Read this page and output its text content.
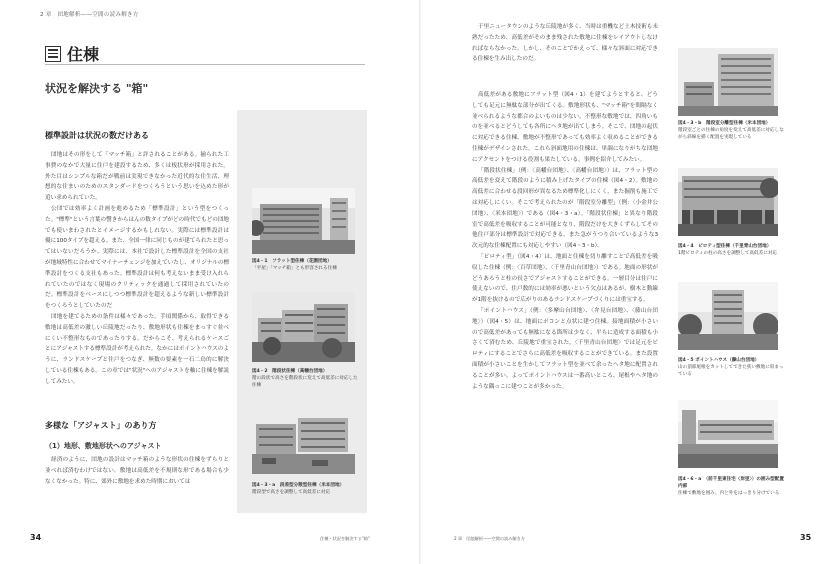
2 章　団地解析――空間の読み解き方
住棟
状況を解決する "箱"
標準設計は状況の数だけある

団地はその形をして「マッチ箱」と評されることがある。揃られた工事費のなかで大量に住戸を建設するため、多くは板状形が採用された。外た目はシンプルな箱だが戦前は実現できなかった近代的な住生活、理想的な住まいのためのスタンダードをつくろうという思いを込めた形が追い求められていた。

公団では効率よく計画を進めるため「標準設計」という型をつくった。"標準"という言葉の響きからはんの数タイプがどの時代でもどの団地でも使いまわされたとイメージするかもしれない。実際には標準設計は優に100タイプを超える。また、全国一律に同じものが建てられたと思ってはいないだろうか。実際には、本社で設計した標準設計を全国の支社が地域特性に合わせてマイナーチェンジを加えていたし、オリジナルの標準設計をつくる支社もあった。標準設計は何も考えないまま受け入れられていたのではなく現場のクリティックを通過して採用されていたのだ。標準設計をベースにしつつ標準設計を超えるような新しい標準設計をつくろうとしていたのだ

団地を建てるための条件は様々であった。手頃関係から、取得できる敷地は高低差の激しい丘陵地だったり、敷地形状も住棟をまっすぐ並べにくい不整形なものであったりする。だからこそ、考えられるケースごとにアジャストする標準設計が考えられた。なかにはポイントハウスのように、ランドスケープと住戸をつなぎ、無数の要素を一石二鳥的に解決している住棟もある。この章では"状況"へのアジャストを軸に住棟を解説してみたい。

多様な「アジャスト」のあり方
（1）地形、敷地形状へのアジャスト

経済のように、団地の設計はマッチ箱のような形状の住棟をずらりと並べれば済むわけではない。敷地は高低差を不規則な形である場合も少なくなかった。特に、郊外に敷地を求めた時期においては

図4・1　フラット型住棟（花園団地）
「平屋」「マッチ箱」とも形容される住棟
図4・2　階段状住棟（高幡台団地）
階の段状で高さを階段状に変えて高低差に対応した住棟
図4・3・a　段差型分散型住棟（米本団地）
階段型で高さを調整して高低差に対応
34	住棟・状況を解決する"箱"

千里ニュータウンのような丘陵地が多く、当時は重機など土木技術も未熟だったため、高低差がそのまま残された敷地に住棟をレイアウトしなければならなかった。しかし、そのことでかえって、様々な斜面に対応できる住棟を生み出したのだ。

高低差がある敷地にフラット型（図4・1）を建てようとすると、どうしても足元に無駄な部分が出てくる。敷地形状も、"マッチ箱"を間隔なく並べられるような都合のよいものは少ない。不整形な敷地では、四角いものを並べるとどうしても各所にヘタ地が出てしまう。そこで、団地の起伏に対応できる住棟、敷地が不整形であっても効率よく収めることができる住棟がデザインされた。これら斜面地用の住棟は、単調になりがちな団地にアクセントをつける役割も果たしている。事例を紹介してみたい。

「階段状住棟」（例：〈高幡台団地〉、〈高幡台団地〉）は、フラット型の高低差を変えて階段のように積み上げたタイプの住棟（図4・2）。敷地の高低差に合わせる段回形が異なるため標準化しにくく、また掘削も施工では対応しにくい。そこで考えられたのが「階段室分離型」（例：〈小金井公団地〉、〈米本団地〉）である（図4・3・a）。「階段状住棟」と異なり階段室で高低差を吸収することが可能となり、階段だけを大きくずらしてその他住戸部分は標準設計で対応できる。また急がうつり合いているような3次元的な住棟配置にも対応しやすい（図4・3・b）。

「ピロティ型」（図4・4）は、地面と住棟を切り離すことで高低差を吸収した住棟（例：〈百草団地〉、〈千里青山台団地〉）である。地面の形状がどうあろうと柱の長さでアジャストすることができる。一層目分は住戸に使えないので、住戸数的には効率が悪いという欠点はあるが、樹木と動線が1階を抜けるので広がりのあるランドスケープづくりには重宝する。

「ポイントハウス」（例：〈多摩山台団地〉、〈弁見台団地〉、〈藤山台団地〉）（図4・5）は、地面にポコンと点状に建つ住棟。接地面積が小さいので高低差があっても無駄になる箇所は少なく、平らに造成する面積も小さくて済むため、丘陵地で重宝された。〈千里青山台団地〉では足元をピロティにすることでさらに高低差を吸収することができている。また設置面積が小さいことを生かしてフラット型を並べて余ったヘタ地に配置されることが多い。よってポイントハウスは一番高いところ、尾根やヘタ地のような隅っこに建つことが多かった。

図4・3・b　階段室分離型住棟（米本団地）
階段室ごとの住棟の角度を変えて高低差に対応しながら斜線を描く配置を実現している
図4・4　ピロティ型住棟（千里青山台団地）
1階ピロティの柱の高さを調整して高低差に対応
図4・5 ポイントハウス（藤山台団地）
山の頂部尾根をカットしてできた狭い敷地に収まっている
図4・6・a　（前千里東住宅〈岸里〉）の囲み型配置内部
住棟で敷地を囲み、内と外をはっきり分けている
2 章　団地解析――空間の読み解き方	35
